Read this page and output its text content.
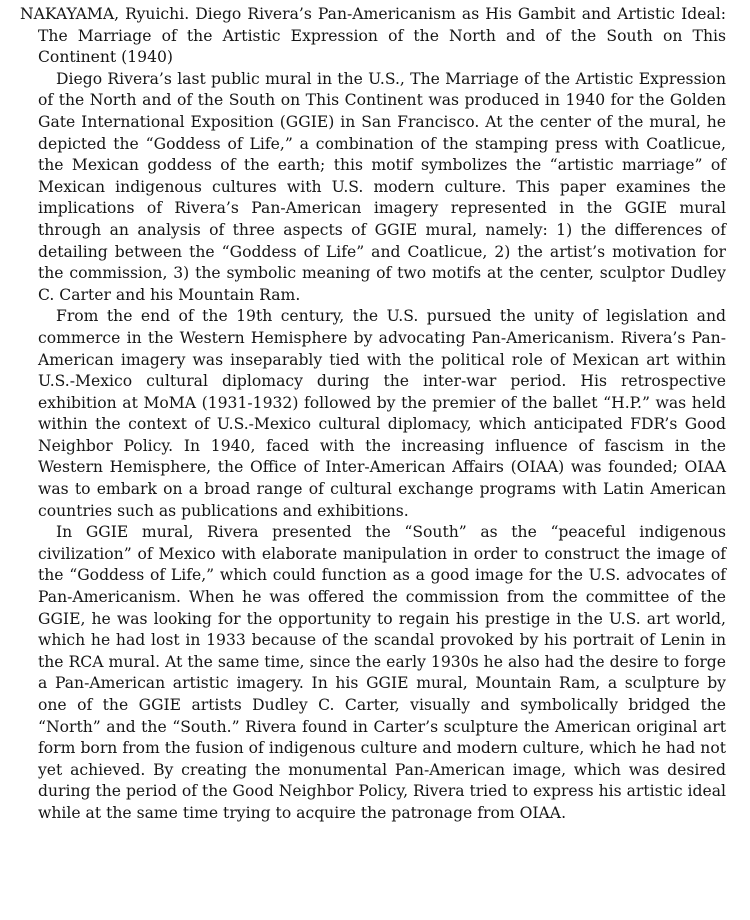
NAKAYAMA, Ryuichi. Diego Rivera’s Pan-Americanism as His Gambit and Artistic Ideal: The Marriage of the Artistic Expression of the North and of the South on This Continent (1940)

Diego Rivera’s last public mural in the U.S., The Marriage of the Artistic Expression of the North and of the South on This Continent was produced in 1940 for the Golden Gate International Exposition (GGIE) in San Francisco. At the center of the mural, he depicted the “Goddess of Life,” a combination of the stamping press with Coatlicue, the Mexican goddess of the earth; this motif symbolizes the “artistic marriage” of Mexican indigenous cultures with U.S. modern culture. This paper examines the implications of Rivera’s Pan-American imagery represented in the GGIE mural through an analysis of three aspects of GGIE mural, namely: 1) the differences of detailing between the “Goddess of Life” and Coatlicue, 2) the artist’s motivation for the commission, 3) the symbolic meaning of two motifs at the center, sculptor Dudley C. Carter and his Mountain Ram.

From the end of the 19th century, the U.S. pursued the unity of legislation and commerce in the Western Hemisphere by advocating Pan-Americanism. Rivera’s Pan-American imagery was inseparably tied with the political role of Mexican art within U.S.-Mexico cultural diplomacy during the inter-war period. His retrospective exhibition at MoMA (1931-1932) followed by the premier of the ballet “H.P.” was held within the context of U.S.-Mexico cultural diplomacy, which anticipated FDR’s Good Neighbor Policy. In 1940, faced with the increasing influence of fascism in the Western Hemisphere, the Office of Inter-American Affairs (OIAA) was founded; OIAA was to embark on a broad range of cultural exchange programs with Latin American countries such as publications and exhibitions.

In GGIE mural, Rivera presented the “South” as the “peaceful indigenous civilization” of Mexico with elaborate manipulation in order to construct the image of the “Goddess of Life,” which could function as a good image for the U.S. advocates of Pan-Americanism. When he was offered the commission from the committee of the GGIE, he was looking for the opportunity to regain his prestige in the U.S. art world, which he had lost in 1933 because of the scandal provoked by his portrait of Lenin in the RCA mural. At the same time, since the early 1930s he also had the desire to forge a Pan-American artistic imagery. In his GGIE mural, Mountain Ram, a sculpture by one of the GGIE artists Dudley C. Carter, visually and symbolically bridged the “North” and the “South.” Rivera found in Carter’s sculpture the American original art form born from the fusion of indigenous culture and modern culture, which he had not yet achieved. By creating the monumental Pan-American image, which was desired during the period of the Good Neighbor Policy, Rivera tried to express his artistic ideal while at the same time trying to acquire the patronage from OIAA.
